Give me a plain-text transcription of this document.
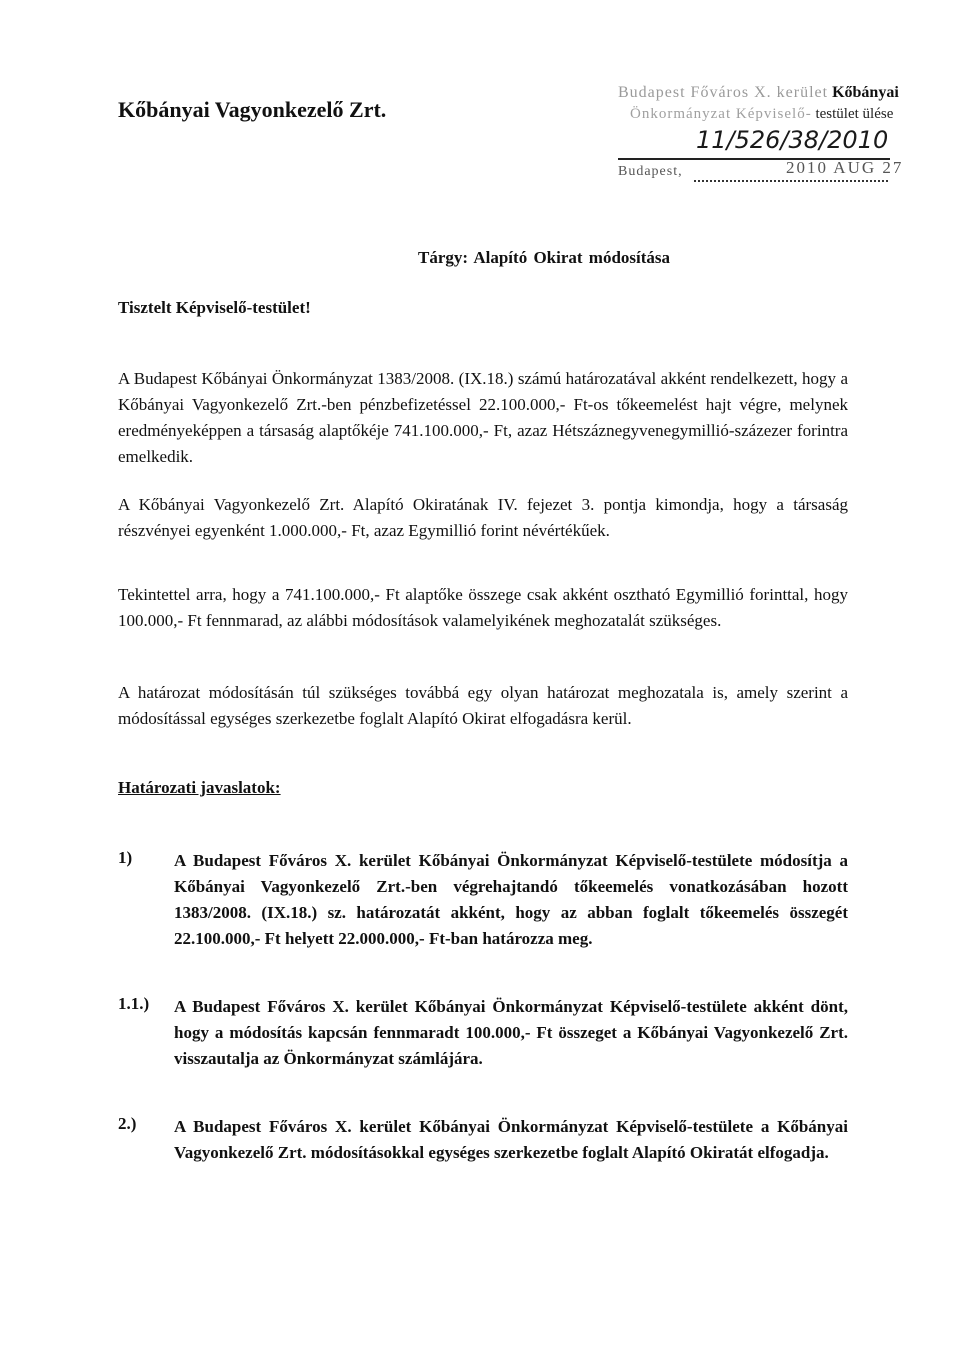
Kőbányai Vagyonkezelő Zrt.
Budapest Főváros X. kerület Kőbányai
Önkormányzat Képviselő- testület ülése
11/526/38/2010
Budapest,	2010 AUG 27
Tárgy: Alapító Okirat módosítása
Tisztelt Képviselő-testület!
A Budapest Kőbányai Önkormányzat 1383/2008. (IX.18.) számú határozatával akként rendelkezett, hogy a Kőbányai Vagyonkezelő Zrt.-ben pénzbefizetéssel 22.100.000,- Ft-os tőkeemelést hajt végre, melynek eredményeképpen a társaság alaptőkéje 741.100.000,- Ft, azaz Hétszáznegyvenegymillió-százezer forintra emelkedik.
A Kőbányai Vagyonkezelő Zrt. Alapító Okiratának IV. fejezet 3. pontja kimondja, hogy a társaság részvényei egyenként 1.000.000,- Ft, azaz Egymillió forint névértékűek.
Tekintettel arra, hogy a 741.100.000,- Ft alaptőke összege csak akként osztható Egymillió forinttal, hogy 100.000,- Ft fennmarad, az alábbi módosítások valamelyikének meghozatalát szükséges.
A határozat módosításán túl szükséges továbbá egy olyan határozat meghozatala is, amely szerint a módosítással egységes szerkezetbe foglalt Alapító Okirat elfogadásra kerül.
Határozati javaslatok:
1) A Budapest Főváros X. kerület Kőbányai Önkormányzat Képviselő-testülete módosítja a Kőbányai Vagyonkezelő Zrt.-ben végrehajtandó tőkeemelés vonatkozásában hozott 1383/2008. (IX.18.) sz. határozatát akként, hogy az abban foglalt tőkeemelés összegét 22.100.000,- Ft helyett 22.000.000,- Ft-ban határozza meg.
1.1.) A Budapest Főváros X. kerület Kőbányai Önkormányzat Képviselő-testülete akként dönt, hogy a módosítás kapcsán fennmaradt 100.000,- Ft összeget a Kőbányai Vagyonkezelő Zrt. visszautalja az Önkormányzat számlájára.
2.) A Budapest Főváros X. kerület Kőbányai Önkormányzat Képviselő-testülete a Kőbányai Vagyonkezelő Zrt. módosításokkal egységes szerkezetbe foglalt Alapító Okiratát elfogadja.
